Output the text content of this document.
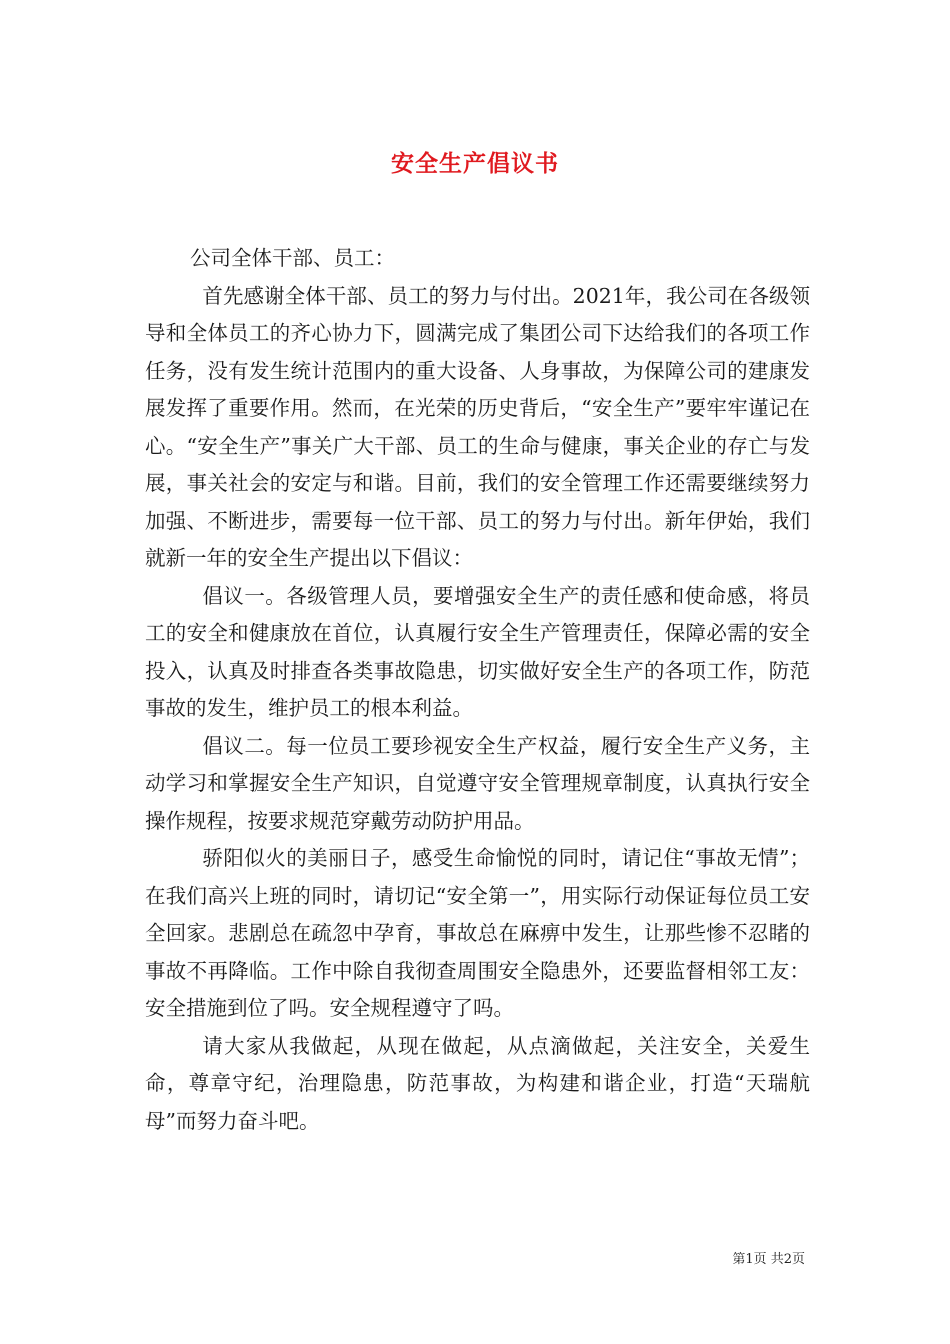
安全生产倡议书

公司全体干部、员工：

首先感谢全体干部、员工的努力与付出。2021年，我公司在各级领导和全体员工的齐心协力下，圆满完成了集团公司下达给我们的各项工作任务，没有发生统计范围内的重大设备、人身事故，为保障公司的建康发展发挥了重要作用。然而，在光荣的历史背后，“安全生产”要牢牢谨记在心。“安全生产”事关广大干部、员工的生命与健康，事关企业的存亡与发展，事关社会的安定与和谐。目前，我们的安全管理工作还需要继续努力加强、不断进步，需要每一位干部、员工的努力与付出。新年伊始，我们就新一年的安全生产提出以下倡议：

倡议一。各级管理人员，要增强安全生产的责任感和使命感，将员工的安全和健康放在首位，认真履行安全生产管理责任，保障必需的安全投入，认真及时排查各类事故隐患，切实做好安全生产的各项工作，防范事故的发生，维护员工的根本利益。

倡议二。每一位员工要珍视安全生产权益，履行安全生产义务，主动学习和掌握安全生产知识，自觉遵守安全管理规章制度，认真执行安全操作规程，按要求规范穿戴劳动防护用品。

骄阳似火的美丽日子，感受生命愉悦的同时，请记住“事故无情”；在我们高兴上班的同时，请切记“安全第一”，用实际行动保证每位员工安全回家。悲剧总在疏忽中孕育，事故总在麻痹中发生，让那些惨不忍睹的事故不再降临。工作中除自我彻查周围安全隐患外，还要监督相邻工友：安全措施到位了吗。安全规程遵守了吗。

请大家从我做起，从现在做起，从点滴做起，关注安全，关爱生命，尊章守纪，治理隐患，防范事故，为构建和谐企业，打造“天瑞航母”而努力奋斗吧。

第1页 共2页
